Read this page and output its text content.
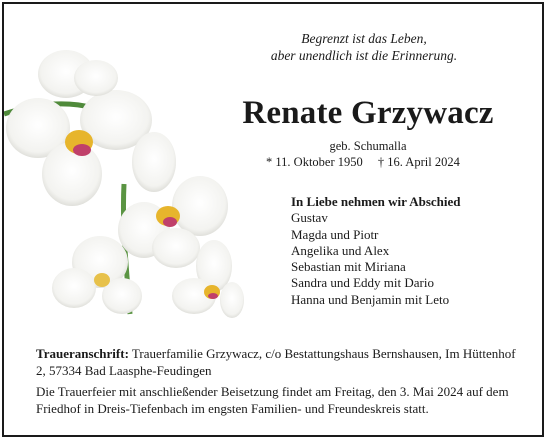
Begrenzt ist das Leben,
aber unendlich ist die Erinnerung.
Renate Grzywacz
geb. Schumalla
* 11. Oktober 1950 † 16. April 2024
In Liebe nehmen wir Abschied
Gustav
Magda und Piotr
Angelika und Alex
Sebastian mit Miriana
Sandra und Eddy mit Dario
Hanna und Benjamin mit Leto
Traueranschrift: Trauerfamilie Grzywacz, c/o Bestattungshaus Bernshausen, Im Hüttenhof 2, 57334 Bad Laasphe-Feudingen
Die Trauerfeier mit anschließender Beisetzung findet am Freitag, den 3. Mai 2024 auf dem Friedhof in Dreis-Tiefenbach im engsten Familien- und Freundeskreis statt.
